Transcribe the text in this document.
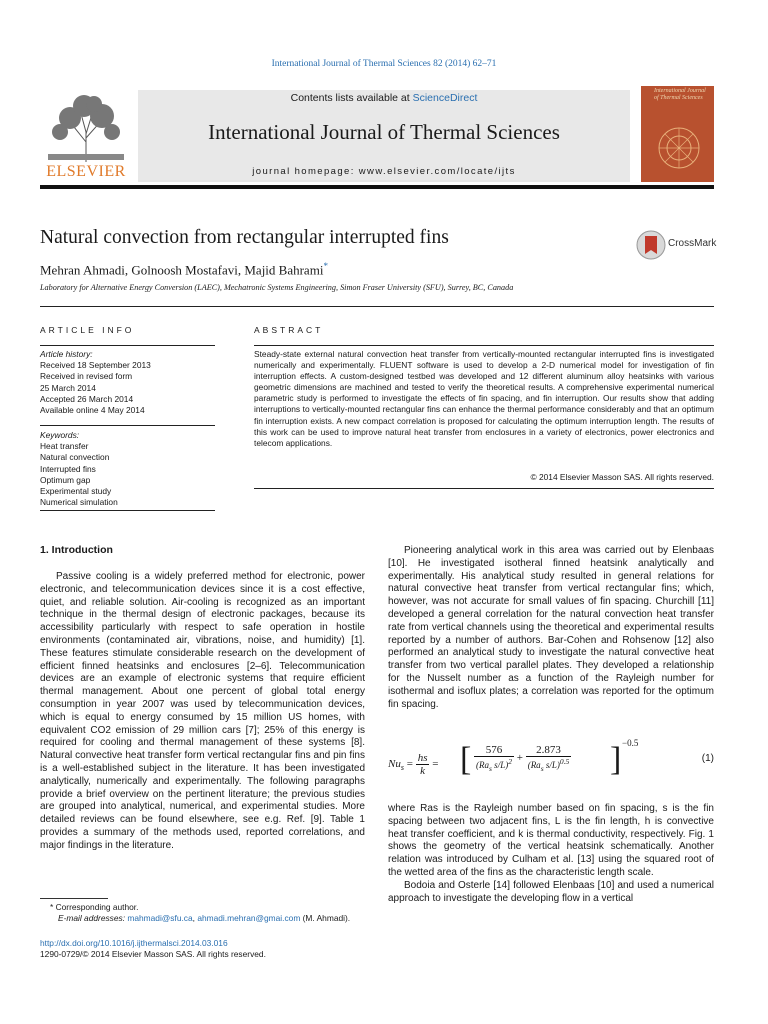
International Journal of Thermal Sciences 82 (2014) 62–71
ELSEVIER
Contents lists available at ScienceDirect
International Journal of Thermal Sciences
journal homepage: www.elsevier.com/locate/ijts
International Journal of Thermal Sciences
Natural convection from rectangular interrupted fins
Mehran Ahmadi, Golnoosh Mostafavi, Majid Bahrami*
Laboratory for Alternative Energy Conversion (LAEC), Mechatronic Systems Engineering, Simon Fraser University (SFU), Surrey, BC, Canada
CrossMark
ARTICLE INFO
Article history:
Received 18 September 2013
Received in revised form
25 March 2014
Accepted 26 March 2014
Available online 4 May 2014
Keywords:
Heat transfer
Natural convection
Interrupted fins
Optimum gap
Experimental study
Numerical simulation
ABSTRACT
Steady-state external natural convection heat transfer from vertically-mounted rectangular interrupted fins is investigated numerically and experimentally. FLUENT software is used to develop a 2-D numerical model for investigation of fin interruption effects. A custom-designed testbed was developed and 12 different aluminum alloy heatsinks with various geometric dimensions are machined and tested to verify the theoretical results. A comprehensive experimental numerical parametric study is performed to investigate the effects of fin spacing, and fin interruption. Our results show that adding interruptions to vertically-mounted rectangular fins can enhance the thermal performance considerably and that an optimum fin interruption exists. A new compact correlation is proposed for calculating the optimum interruption length. The results of this work can be used to improve natural heat transfer from enclosures in a variety of electronics, power electronics and telecom applications.
© 2014 Elsevier Masson SAS. All rights reserved.
1. Introduction

Passive cooling is a widely preferred method for electronic, power electronic, and telecommunication devices since it is a cost effective, quiet, and reliable solution. Air-cooling is recognized as an important technique in the thermal design of electronic packages, because its accessibility particularly with respect to safe operation in hostile environments (contaminated air, vibrations, noise, and humidity) [1]. These features stimulate considerable research on the development of efficient finned heatsinks and enclosures [2–6]. Telecommunication devices are an example of electronic systems that require efficient thermal management. About one percent of global total energy consumption in year 2007 was used by telecommunication devices, which is equal to energy consumed by 15 million US homes, with equivalent CO2 emission of 29 million cars [7]; 25% of this energy is required for cooling and thermal management of these systems [8]. Natural convective heat transfer form vertical rectangular fins and pin fins is a well-established subject in the literature. It has been investigated analytically, numerically and experimentally. The following paragraphs provide a brief overview on the pertinent literature; the previous studies are grouped into analytical, numerical, and experimental studies. More detailed reviews can be found elsewhere, see e.g. Ref. [9]. Table 1 provides a summary of the methods used, reported correlations, and major findings in the literature.

Pioneering analytical work in this area was carried out by Elenbaas [10]. He investigated isotheral finned heatsink analytically and experimentally. His analytical study resulted in general relations for natural convective heat transfer from vertical rectangular fins; which, however, was not accurate for small values of fin spacing. Churchill [11] developed a general correlation for the natural convection heat transfer rate from vertical channels using the theoretical and experimental results reported by a number of authors. Bar-Cohen and Rohsenow [12] also performed an analytical study to investigate the natural convective heat transfer from two vertical parallel plates. They developed a relationship for the Nusselt number as a function of the Rayleigh number for isothermal and isoflux plates; a correlation was reported for the optimum fin spacing.

$Nu_s = \frac{hs}{k}$ = [ $\frac{576}{(Ra_s s/L)^2} + \frac{2.873}{(Ra_s s/L)^{0.5}}$ ] −0.5
(1)

where Ras is the Rayleigh number based on fin spacing, s is the fin spacing between two adjacent fins, L is the fin length, h is convective heat transfer coefficient, and k is thermal conductivity, respectively. Fig. 1 shows the geometry of the vertical heatsink schematically. Another relation was introduced by Culham et al. [13] using the squared root of the wetted area of the fins as the characteristic length scale.

Bodoia and Osterle [14] followed Elenbaas [10] and used a numerical approach to investigate the developing flow in a vertical

* Corresponding author.
E-mail addresses: mahmadi@sfu.ca, ahmadi.mehran@gmai.com (M. Ahmadi).
http://dx.doi.org/10.1016/j.ijthermalsci.2014.03.016
1290-0729/© 2014 Elsevier Masson SAS. All rights reserved.
